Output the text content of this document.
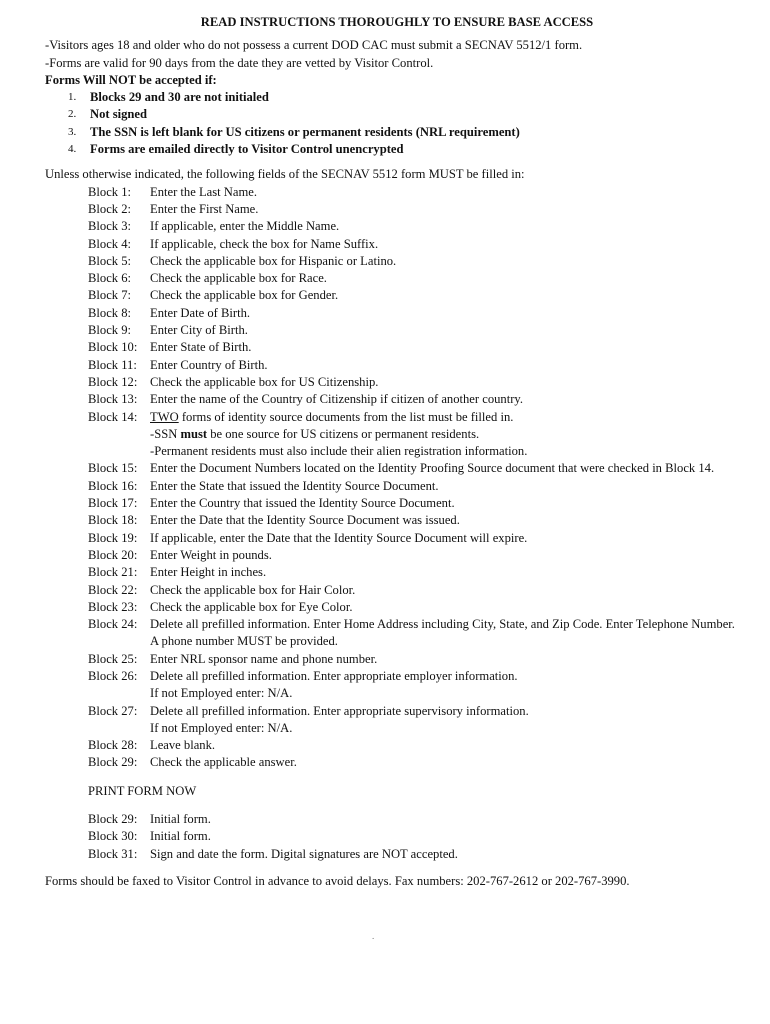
READ INSTRUCTIONS THOROUGHLY TO ENSURE BASE ACCESS
-Visitors ages 18 and older who do not possess a current DOD CAC must submit a SECNAV 5512/1 form.
-Forms are valid for 90 days from the date they are vetted by Visitor Control.
Forms Will NOT be accepted if:
1. Blocks 29 and 30 are not initialed
2. Not signed
3. The SSN is left blank for US citizens or permanent residents (NRL requirement)
4. Forms are emailed directly to Visitor Control unencrypted
Unless otherwise indicated, the following fields of the SECNAV 5512 form MUST be filled in:
Block 1:	Enter the Last Name.
Block 2:	Enter the First Name.
Block 3:	If applicable, enter the Middle Name.
Block 4:	If applicable, check the box for Name Suffix.
Block 5:	Check the applicable box for Hispanic or Latino.
Block 6:	Check the applicable box for Race.
Block 7:	Check the applicable box for Gender.
Block 8:	Enter Date of Birth.
Block 9:	Enter City of Birth.
Block 10:	Enter State of Birth.
Block 11:	Enter Country of Birth.
Block 12:	Check the applicable box for US Citizenship.
Block 13:	Enter the name of the Country of Citizenship if citizen of another country.
Block 14:	TWO forms of identity source documents from the list must be filled in.
-SSN must be one source for US citizens or permanent residents.
-Permanent residents must also include their alien registration information.
Block 15:	Enter the Document Numbers located on the Identity Proofing Source document that were checked in Block 14.
Block 16:	Enter the State that issued the Identity Source Document.
Block 17:	Enter the Country that issued the Identity Source Document.
Block 18:	Enter the Date that the Identity Source Document was issued.
Block 19:	If applicable, enter the Date that the Identity Source Document will expire.
Block 20:	Enter Weight in pounds.
Block 21:	Enter Height in inches.
Block 22:	Check the applicable box for Hair Color.
Block 23:	Check the applicable box for Eye Color.
Block 24:	Delete all prefilled information. Enter Home Address including City, State, and Zip Code. Enter Telephone Number. A phone number MUST be provided.
Block 25:	Enter NRL sponsor name and phone number.
Block 26:	Delete all prefilled information. Enter appropriate employer information.
If not Employed enter: N/A.
Block 27:	Delete all prefilled information. Enter appropriate supervisory information.
If not Employed enter: N/A.
Block 28:	Leave blank.
Block 29:	Check the applicable answer.
PRINT FORM NOW
Block 29:	Initial form.
Block 30:	Initial form.
Block 31:	Sign and date the form. Digital signatures are NOT accepted.
Forms should be faxed to Visitor Control in advance to avoid delays. Fax numbers: 202-767-2612 or 202-767-3990.
.
